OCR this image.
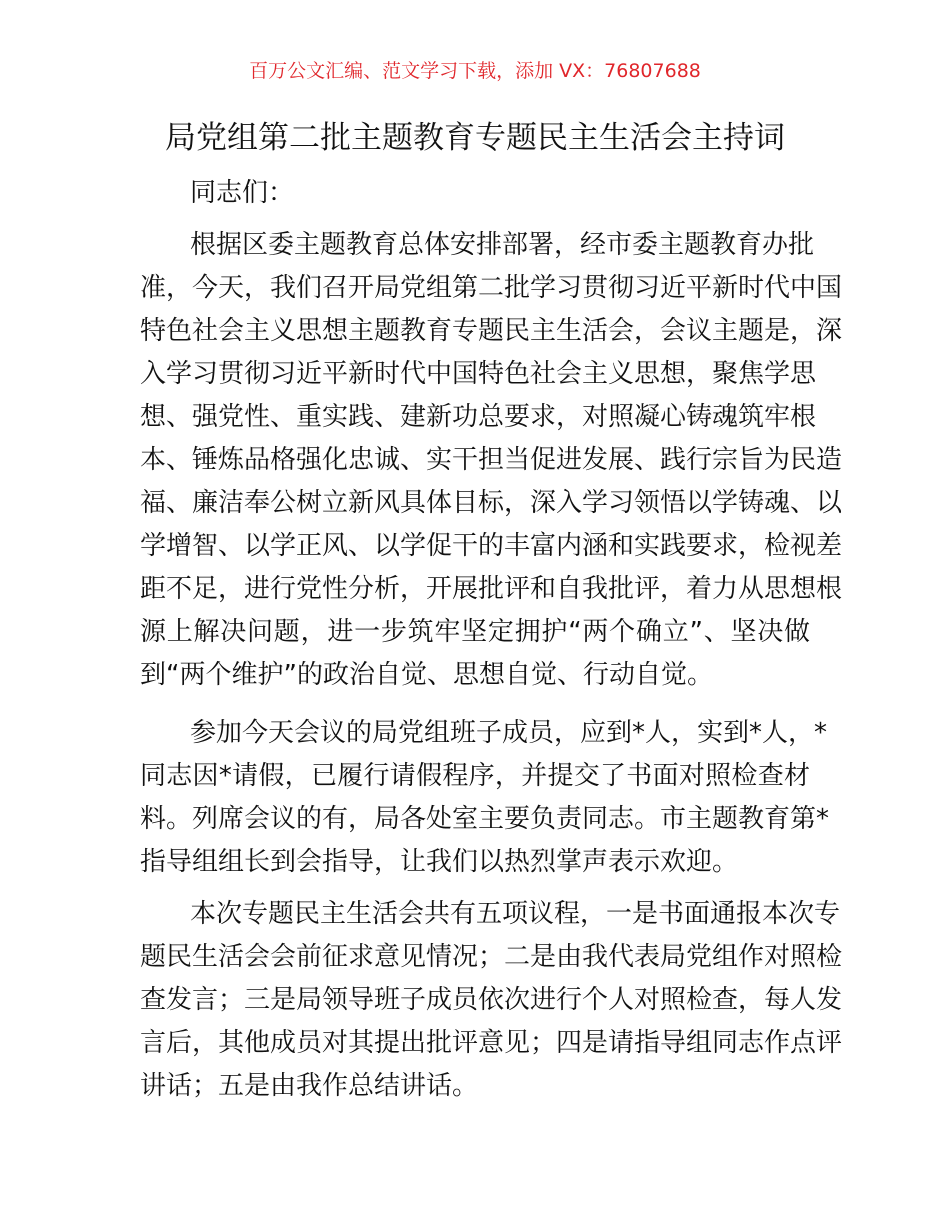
百万公文汇编、范文学习下载，添加 VX：76807688
局党组第二批主题教育专题民主生活会主持词
同志们：
根据区委主题教育总体安排部署，经市委主题教育办批
准，今天，我们召开局党组第二批学习贯彻习近平新时代中国
特色社会主义思想主题教育专题民主生活会，会议主题是，深
入学习贯彻习近平新时代中国特色社会主义思想，聚焦学思
想、强党性、重实践、建新功总要求，对照凝心铸魂筑牢根
本、锤炼品格强化忠诚、实干担当促进发展、践行宗旨为民造
福、廉洁奉公树立新风具体目标，深入学习领悟以学铸魂、以
学增智、以学正风、以学促干的丰富内涵和实践要求，检视差
距不足，进行党性分析，开展批评和自我批评，着力从思想根
源上解决问题，进一步筑牢坚定拥护“两个确立”、坚决做
到“两个维护”的政治自觉、思想自觉、行动自觉。
参加今天会议的局党组班子成员，应到*人，实到*人，*
同志因*请假，已履行请假程序，并提交了书面对照检查材
料。列席会议的有，局各处室主要负责同志。市主题教育第*
指导组组长到会指导，让我们以热烈掌声表示欢迎。
本次专题民主生活会共有五项议程，一是书面通报本次专
题民生活会会前征求意见情况；二是由我代表局党组作对照检
查发言；三是局领导班子成员依次进行个人对照检查，每人发
言后，其他成员对其提出批评意见；四是请指导组同志作点评
讲话；五是由我作总结讲话。
